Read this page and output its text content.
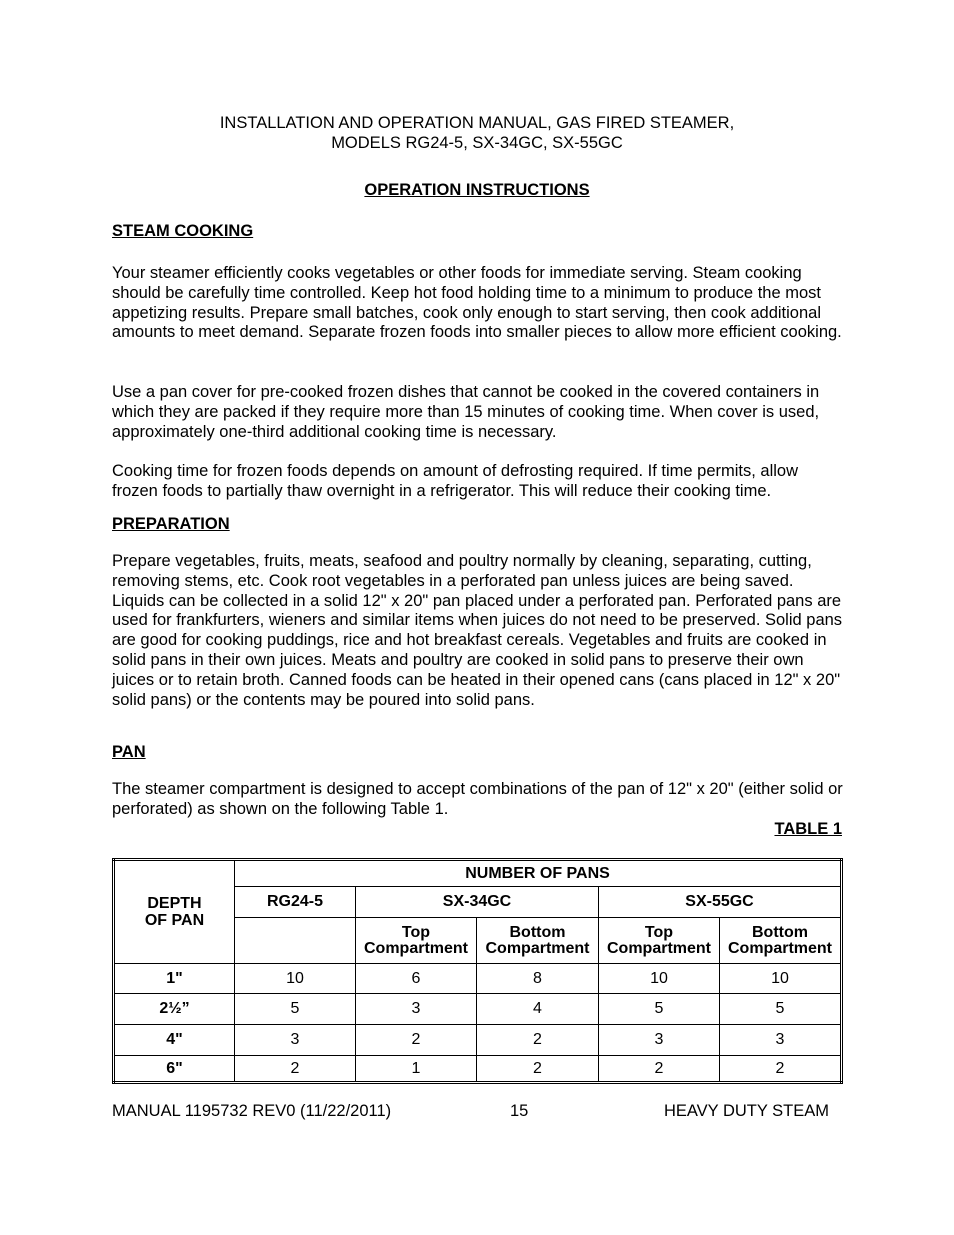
INSTALLATION AND OPERATION MANUAL, GAS FIRED STEAMER,
MODELS RG24-5, SX-34GC, SX-55GC
OPERATION INSTRUCTIONS
STEAM COOKING

Your steamer efficiently cooks vegetables or other foods for immediate serving. Steam cooking should be carefully time controlled. Keep hot food holding time to a minimum to produce the most appetizing results. Prepare small batches, cook only enough to start serving, then cook additional amounts to meet demand. Separate frozen foods into smaller pieces to allow more efficient cooking.

Use a pan cover for pre-cooked frozen dishes that cannot be cooked in the covered containers in which they are packed if they require more than 15 minutes of cooking time. When cover is used, approximately one-third additional cooking time is necessary.

Cooking time for frozen foods depends on amount of defrosting required. If time permits, allow frozen foods to partially thaw overnight in a refrigerator. This will reduce their cooking time.

PREPARATION

Prepare vegetables, fruits, meats, seafood and poultry normally by cleaning, separating, cutting, removing stems, etc. Cook root vegetables in a perforated pan unless juices are being saved. Liquids can be collected in a solid 12" x 20" pan placed under a perforated pan. Perforated pans are used for frankfurters, wieners and similar items when juices do not need to be preserved. Solid pans are good for cooking puddings, rice and hot breakfast cereals. Vegetables and fruits are cooked in solid pans in their own juices. Meats and poultry are cooked in solid pans to preserve their own juices or to retain broth. Canned foods can be heated in their opened cans (cans placed in 12" x 20" solid pans) or the contents may be poured into solid pans.

PAN

The steamer compartment is designed to accept combinations of the pan of 12" x 20" (either solid or perforated) as shown on the following Table 1.

TABLE 1
DEPTH OF PAN	NUMBER OF PANS				
	RG24-5	SX-34GC		SX-55GC	
		Top Compartment	Bottom Compartment	Top Compartment	Bottom Compartment
1"	10	6	8	10	10
2½”	5	3	4	5	5
4"	3	2	2	3	3
6"	2	1	2	2	2
MANUAL 1195732 REV0 (11/22/2011)	15	HEAVY DUTY STEAM
